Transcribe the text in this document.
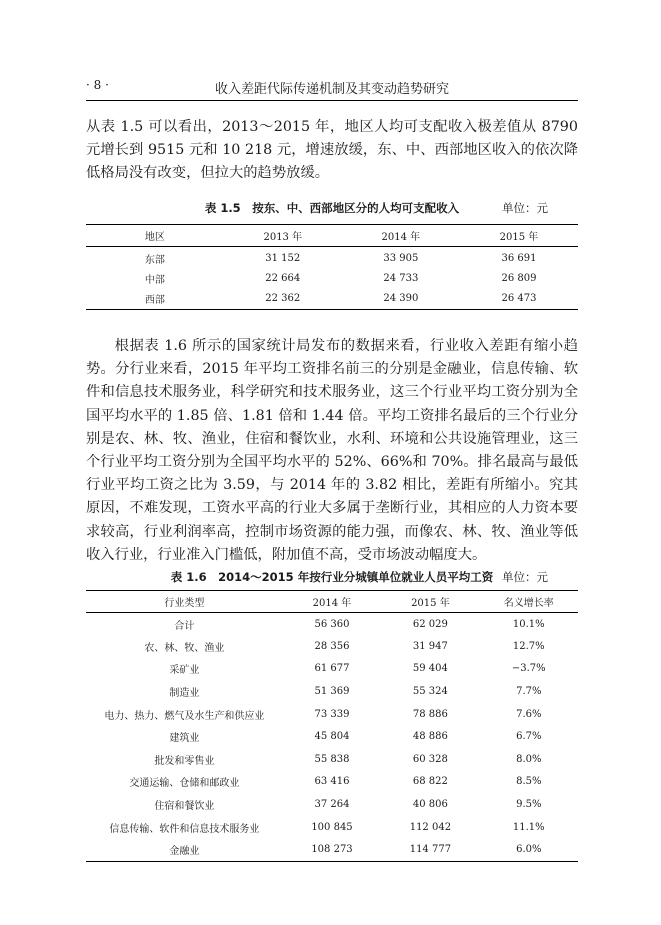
· 8 ·	收入差距代际传递机制及其变动趋势研究

从表 1.5 可以看出，2013～2015 年，地区人均可支配收入极差值从 8790 元增长到 9515 元和 10 218 元，增速放缓，东、中、西部地区收入的依次降低格局没有改变，但拉大的趋势放缓。

表 1.5　按东、中、西部地区分的人均可支配收入	单位：元
地区	2013 年	2014 年	2015 年
东部	31 152	33 905	36 691
中部	22 664	24 733	26 809
西部	22 362	24 390	26 473

根据表 1.6 所示的国家统计局发布的数据来看，行业收入差距有缩小趋势。分行业来看，2015 年平均工资排名前三的分别是金融业，信息传输、软件和信息技术服务业，科学研究和技术服务业，这三个行业平均工资分别为全国平均水平的 1.85 倍、1.81 倍和 1.44 倍。平均工资排名最后的三个行业分别是农、林、牧、渔业，住宿和餐饮业，水利、环境和公共设施管理业，这三个行业平均工资分别为全国平均水平的 52%、66%和 70%。排名最高与最低行业平均工资之比为 3.59，与 2014 年的 3.82 相比，差距有所缩小。究其原因，不难发现，工资水平高的行业大多属于垄断行业，其相应的人力资本要求较高，行业利润率高，控制市场资源的能力强，而像农、林、牧、渔业等低收入行业，行业准入门槛低，附加值不高，受市场波动幅度大。

表 1.6　2014～2015 年按行业分城镇单位就业人员平均工资 单位：元
行业类型	2014 年	2015 年	名义增长率
合计	56 360	62 029	10.1%
农、林、牧、渔业	28 356	31 947	12.7%
采矿业	61 677	59 404	−3.7%
制造业	51 369	55 324	7.7%
电力、热力、燃气及水生产和供应业	73 339	78 886	7.6%
建筑业	45 804	48 886	6.7%
批发和零售业	55 838	60 328	8.0%
交通运输、仓储和邮政业	63 416	68 822	8.5%
住宿和餐饮业	37 264	40 806	9.5%
信息传输、软件和信息技术服务业	100 845	112 042	11.1%
金融业	108 273	114 777	6.0%
